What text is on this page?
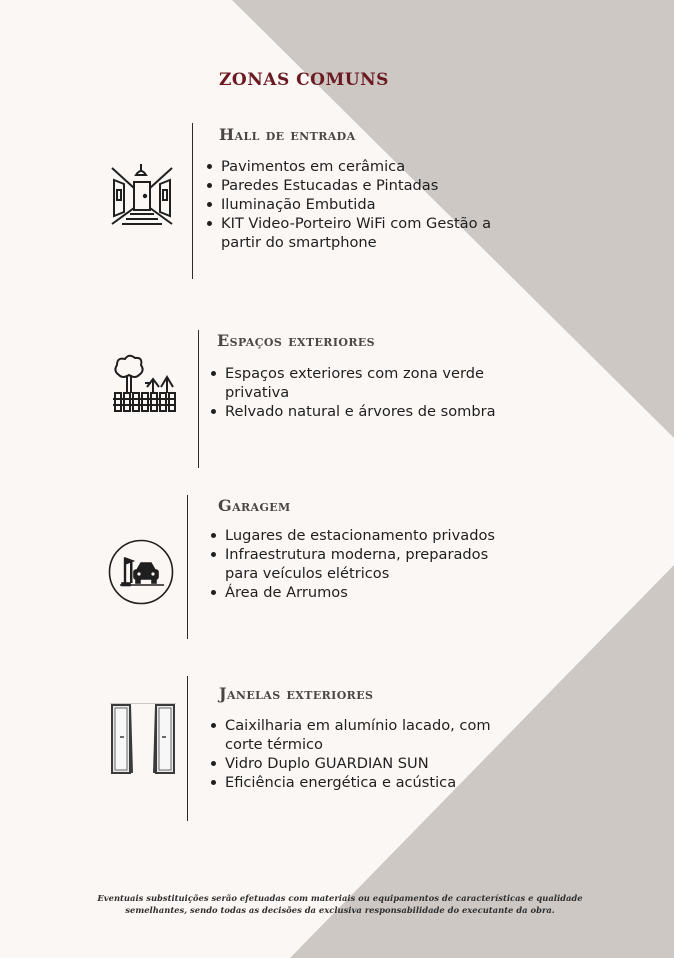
ZONAS COMUNS
Hall de entrada
Pavimentos em cerâmica
Paredes Estucadas e Pintadas
Iluminação Embutida
KIT Video-Porteiro WiFi com Gestão a partir do smartphone
Espaços exteriores
Espaços exteriores com zona verde privativa
Relvado natural e árvores de sombra
Garagem
Lugares de estacionamento privados
Infraestrutura moderna, preparados para veículos elétricos
Área de Arrumos
Janelas exteriores
Caixilharia em alumínio lacado, com corte térmico
Vidro Duplo GUARDIAN SUN
Eficiência energética e acústica
Eventuais substituições serão efetuadas com materiais ou equipamentos de características e qualidade semelhantes, sendo todas as decisões da exclusiva responsabilidade do executante da obra.
